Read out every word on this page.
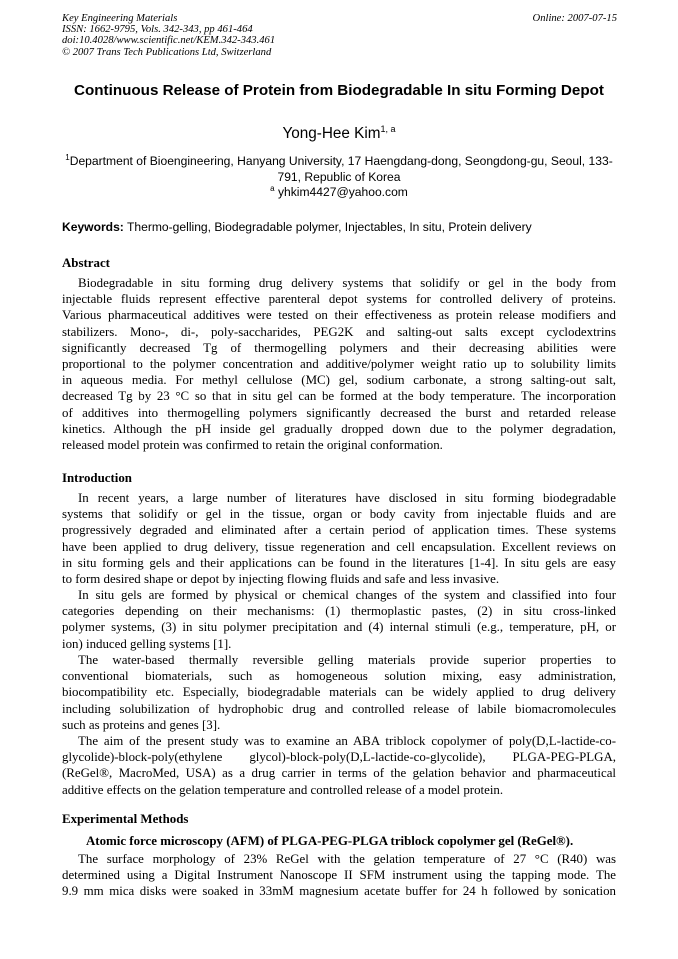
Key Engineering Materials
ISSN: 1662-9795, Vols. 342-343, pp 461-464
doi:10.4028/www.scientific.net/KEM.342-343.461
© 2007 Trans Tech Publications Ltd, Switzerland
Online: 2007-07-15
Continuous Release of Protein from Biodegradable In situ Forming Depot
Yong-Hee Kim$^{1, a}$
$^1$Department of Bioengineering, Hanyang University, 17 Haengdang-dong, Seongdong-gu, Seoul, 133-791, Republic of Korea
$^a$ yhkim4427@yahoo.com
Keywords: Thermo-gelling, Biodegradable polymer, Injectables, In situ, Protein delivery
Abstract
Biodegradable in situ forming drug delivery systems that solidify or gel in the body from
injectable fluids represent effective parenteral depot systems for controlled delivery of proteins.
Various pharmaceutical additives were tested on their effectiveness as protein release modifiers and
stabilizers. Mono-, di-, poly-saccharides, PEG2K and salting-out salts except cyclodextrins
significantly decreased Tg of thermogelling polymers and their decreasing abilities were
proportional to the polymer concentration and additive/polymer weight ratio up to solubility limits
in aqueous media. For methyl cellulose (MC) gel, sodium carbonate, a strong salting-out salt,
decreased Tg by 23 °C so that in situ gel can be formed at the body temperature. The incorporation
of additives into thermogelling polymers significantly decreased the burst and retarded release
kinetics. Although the pH inside gel gradually dropped down due to the polymer degradation,
released model protein was confirmed to retain the original conformation.
Introduction
In recent years, a large number of literatures have disclosed in situ forming biodegradable
systems that solidify or gel in the tissue, organ or body cavity from injectable fluids and are
progressively degraded and eliminated after a certain period of application times. These systems
have been applied to drug delivery, tissue regeneration and cell encapsulation. Excellent reviews on
in situ forming gels and their applications can be found in the literatures [1-4]. In situ gels are easy
to form desired shape or depot by injecting flowing fluids and safe and less invasive.
In situ gels are formed by physical or chemical changes of the system and classified into four
categories depending on their mechanisms: (1) thermoplastic pastes, (2) in situ cross-linked
polymer systems, (3) in situ polymer precipitation and (4) internal stimuli (e.g., temperature, pH, or
ion) induced gelling systems [1].
The water-based thermally reversible gelling materials provide superior properties to
conventional biomaterials, such as homogeneous solution mixing, easy administration,
biocompatibility etc. Especially, biodegradable materials can be widely applied to drug delivery
including solubilization of hydrophobic drug and controlled release of labile biomacromolecules
such as proteins and genes [3].
The aim of the present study was to examine an ABA triblock copolymer of poly(D,L-lactide-co-
glycolide)-block-poly(ethylene glycol)-block-poly(D,L-lactide-co-glycolide), PLGA-PEG-PLGA,
(ReGel®, MacroMed, USA) as a drug carrier in terms of the gelation behavior and pharmaceutical
additive effects on the gelation temperature and controlled release of a model protein.
Experimental Methods
Atomic force microscopy (AFM) of PLGA-PEG-PLGA triblock copolymer gel (ReGel®).
The surface morphology of 23% ReGel with the gelation temperature of 27 °C (R40) was
determined using a Digital Instrument Nanoscope II SFM instrument using the tapping mode. The
9.9 mm mica disks were soaked in 33mM magnesium acetate buffer for 24 h followed by sonication
